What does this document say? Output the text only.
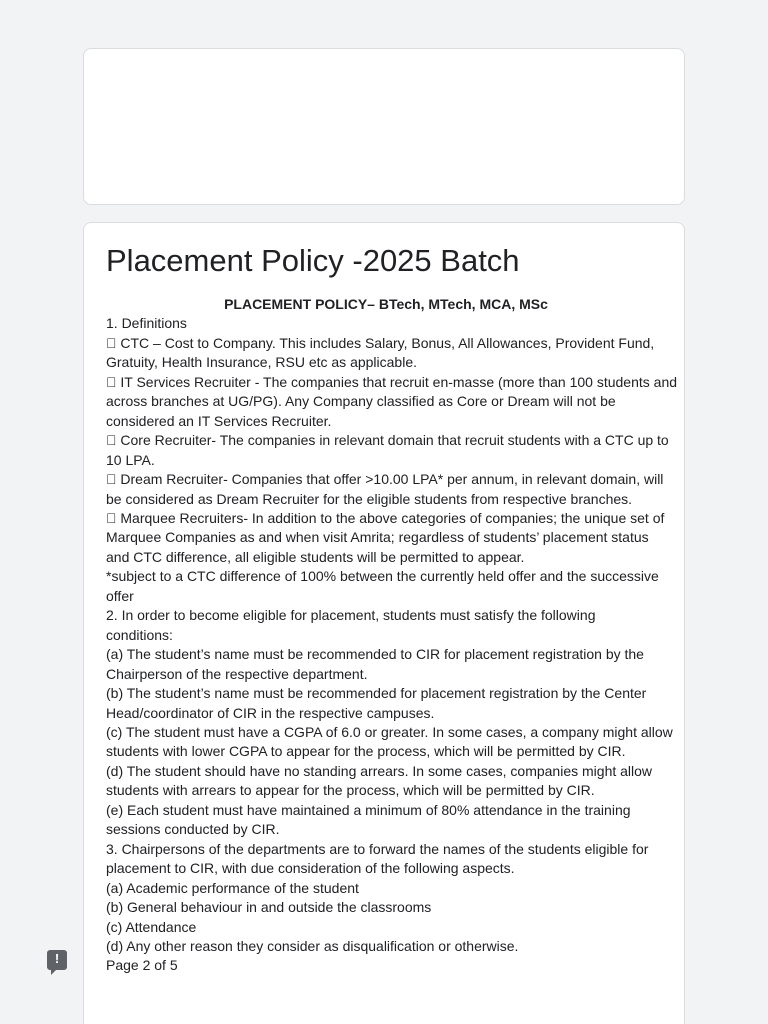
Placement Policy -2025 Batch

PLACEMENT POLICY– BTech, MTech, MCA, MSc

1. Definitions

CTC – Cost to Company. This includes Salary, Bonus, All Allowances, Provident Fund,

Gratuity, Health Insurance, RSU etc as applicable.

IT Services Recruiter - The companies that recruit en-masse (more than 100 students and

across branches at UG/PG). Any Company classified as Core or Dream will not be

considered an IT Services Recruiter.

Core Recruiter- The companies in relevant domain that recruit students with a CTC up to

10 LPA.

Dream Recruiter- Companies that offer >10.00 LPA* per annum, in relevant domain, will

be considered as Dream Recruiter for the eligible students from respective branches.

Marquee Recruiters- In addition to the above categories of companies; the unique set of

Marquee Companies as and when visit Amrita; regardless of students’ placement status

and CTC difference, all eligible students will be permitted to appear.

*subject to a CTC difference of 100% between the currently held offer and the successive

offer

2. In order to become eligible for placement, students must satisfy the following

conditions:

(a) The student’s name must be recommended to CIR for placement registration by the

Chairperson of the respective department.

(b) The student’s name must be recommended for placement registration by the Center

Head/coordinator of CIR in the respective campuses.

(c) The student must have a CGPA of 6.0 or greater. In some cases, a company might allow

students with lower CGPA to appear for the process, which will be permitted by CIR.

(d) The student should have no standing arrears. In some cases, companies might allow

students with arrears to appear for the process, which will be permitted by CIR.

(e) Each student must have maintained a minimum of 80% attendance in the training

sessions conducted by CIR.

3. Chairpersons of the departments are to forward the names of the students eligible for

placement to CIR, with due consideration of the following aspects.

(a) Academic performance of the student

(b) General behaviour in and outside the classrooms

(c) Attendance

(d) Any other reason they consider as disqualification or otherwise.

Page 2 of 5

!
